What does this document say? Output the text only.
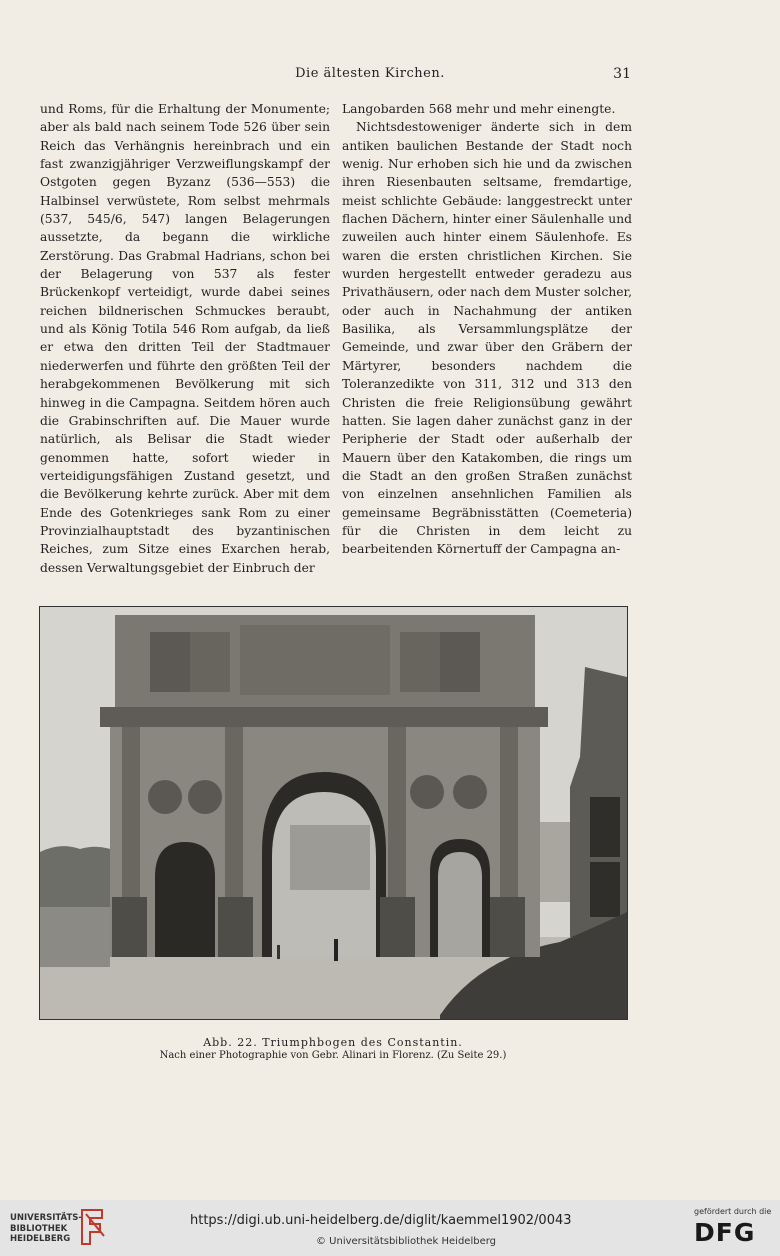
Die ältesten Kirchen.	31

und Roms, für die Erhaltung der Monumente; aber als bald nach seinem Tode 526 über sein Reich das Verhängnis hereinbrach und ein fast zwanzigjähriger Verzweiflungskampf der Ostgoten gegen Byzanz (536—553) die Halbinsel verwüstete, Rom selbst mehrmals (537, 545/6, 547) langen Belagerungen aussetzte, da begann die wirkliche Zerstörung. Das Grabmal Hadrians, schon bei der Belagerung von 537 als fester Brückenkopf verteidigt, wurde dabei seines reichen bildnerischen Schmuckes beraubt, und als König Totila 546 Rom aufgab, da ließ er etwa den dritten Teil der Stadtmauer niederwerfen und führte den größten Teil der herabgekommenen Bevölkerung mit sich hinweg in die Campagna. Seitdem hören auch die Grabinschriften auf. Die Mauer wurde natürlich, als Belisar die Stadt wieder genommen hatte, sofort wieder in verteidigungsfähigen Zustand gesetzt, und die Bevölkerung kehrte zurück. Aber mit dem Ende des Gotenkrieges sank Rom zu einer Provinzialhauptstadt des byzantinischen Reiches, zum Sitze eines Exarchen herab, dessen Verwaltungsgebiet der Einbruch der

Langobarden 568 mehr und mehr einengte.

Nichtsdestoweniger änderte sich in dem antiken baulichen Bestande der Stadt noch wenig. Nur erhoben sich hie und da zwischen ihren Riesenbauten seltsame, fremdartige, meist schlichte Gebäude: langgestreckt unter flachen Dächern, hinter einer Säulenhalle und zuweilen auch hinter einem Säulenhofe. Es waren die ersten christlichen Kirchen. Sie wurden hergestellt entweder geradezu aus Privathäusern, oder nach dem Muster solcher, oder auch in Nachahmung der antiken Basilika, als Versammlungsplätze der Gemeinde, und zwar über den Gräbern der Märtyrer, besonders nachdem die Toleranzedikte von 311, 312 und 313 den Christen die freie Religionsübung gewährt hatten. Sie lagen daher zunächst ganz in der Peripherie der Stadt oder außerhalb der Mauern über den Katakomben, die rings um die Stadt an den großen Straßen zunächst von einzelnen ansehnlichen Familien als gemeinsame Begräbnisstätten (Coemeteria) für die Christen in dem leicht zu bearbeitenden Körnertuff der Campagna an-

Abb. 22. Triumphbogen des Constantin.
Nach einer Photographie von Gebr. Alinari in Florenz. (Zu Seite 29.)
UNIVERSITÄTS-
BIBLIOTHEK
HEIDELBERG
https://digi.ub.uni-heidelberg.de/diglit/kaemmel1902/0043
© Universitätsbibliothek Heidelberg
gefördert durch die
DFG
